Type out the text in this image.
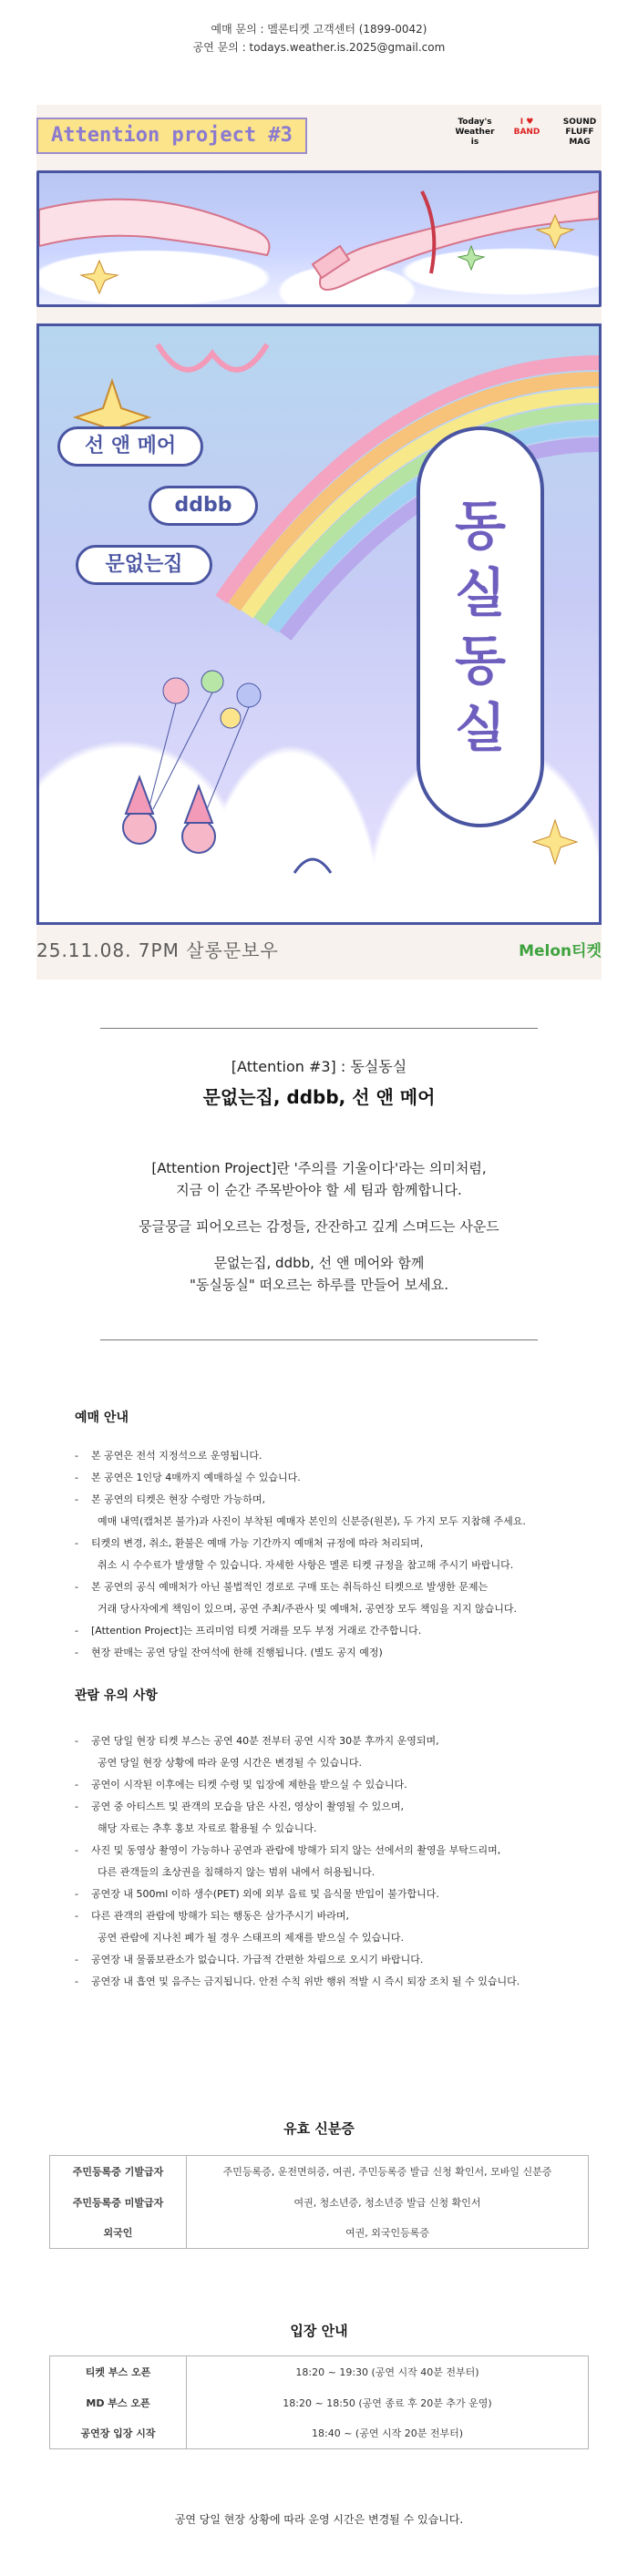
예매 문의 : 멜론티켓 고객센터 (1899-0042)
공연 문의 : todays.weather.is.2025@gmail.com
Attention project #3
Today's Weather is
I ♥ BAND
SOUND FLUFF MAG
선 앤 메어
ddbb
문없는집
동
실
동
실
25.11.08. 7PM 살롱문보우	Melon티켓
[Attention #3] : 동실동실
문없는집, ddbb, 선 앤 메어
[Attention Project]란 '주의를 기울이다'라는 의미처럼,
지금 이 순간 주목받아야 할 세 팀과 함께합니다.
뭉글뭉글 피어오르는 감정들, 잔잔하고 깊게 스며드는 사운드
문없는집, ddbb, 선 앤 메어와 함께
"동실동실" 떠오르는 하루를 만들어 보세요.
예매 안내
- 본 공연은 전석 지정석으로 운영됩니다.
- 본 공연은 1인당 4매까지 예매하실 수 있습니다.
- 본 공연의 티켓은 현장 수령만 가능하며,
예매 내역(캡처본 불가)과 사진이 부착된 예매자 본인의 신분증(원본), 두 가지 모두 지참해 주세요.
- 티켓의 변경, 취소, 환불은 예매 가능 기간까지 예매처 규정에 따라 처리되며,
취소 시 수수료가 발생할 수 있습니다. 자세한 사항은 멜론 티켓 규정을 참고해 주시기 바랍니다.
- 본 공연의 공식 예매처가 아닌 불법적인 경로로 구매 또는 취득하신 티켓으로 발생한 문제는
거래 당사자에게 책임이 있으며, 공연 주최/주관사 및 예매처, 공연장 모두 책임을 지지 않습니다.
- [Attention Project]는 프리미엄 티켓 거래를 모두 부정 거래로 간주합니다.
- 현장 판매는 공연 당일 잔여석에 한해 진행됩니다. (별도 공지 예정)
관람 유의 사항
- 공연 당일 현장 티켓 부스는 공연 40분 전부터 공연 시작 30분 후까지 운영되며,
공연 당일 현장 상황에 따라 운영 시간은 변경될 수 있습니다.
- 공연이 시작된 이후에는 티켓 수령 및 입장에 제한을 받으실 수 있습니다.
- 공연 중 아티스트 및 관객의 모습을 담은 사진, 영상이 촬영될 수 있으며,
해당 자료는 추후 홍보 자료로 활용될 수 있습니다.
- 사진 및 동영상 촬영이 가능하나 공연과 관람에 방해가 되지 않는 선에서의 촬영을 부탁드리며,
다른 관객들의 초상권을 침해하지 않는 범위 내에서 허용됩니다.
- 공연장 내 500ml 이하 생수(PET) 외에 외부 음료 및 음식물 반입이 불가합니다.
- 다른 관객의 관람에 방해가 되는 행동은 삼가주시기 바라며,
공연 관람에 지나친 폐가 될 경우 스태프의 제재를 받으실 수 있습니다.
- 공연장 내 물품보관소가 없습니다. 가급적 간편한 차림으로 오시기 바랍니다.
- 공연장 내 흡연 및 음주는 금지됩니다. 안전 수칙 위반 행위 적발 시 즉시 퇴장 조치 될 수 있습니다.
유효 신분증
주민등록증 기발급자	주민등록증, 운전면허증, 여권, 주민등록증 발급 신청 확인서, 모바일 신분증
주민등록증 미발급자	여권, 청소년증, 청소년증 발급 신청 확인서
외국인	여권, 외국인등록증
입장 안내
티켓 부스 오픈	18:20 ~ 19:30 (공연 시작 40분 전부터)
MD 부스 오픈	18:20 ~ 18:50 (공연 종료 후 20분 추가 운영)
공연장 입장 시작	18:40 ~ (공연 시작 20분 전부터)
공연 당일 현장 상황에 따라 운영 시간은 변경될 수 있습니다.
